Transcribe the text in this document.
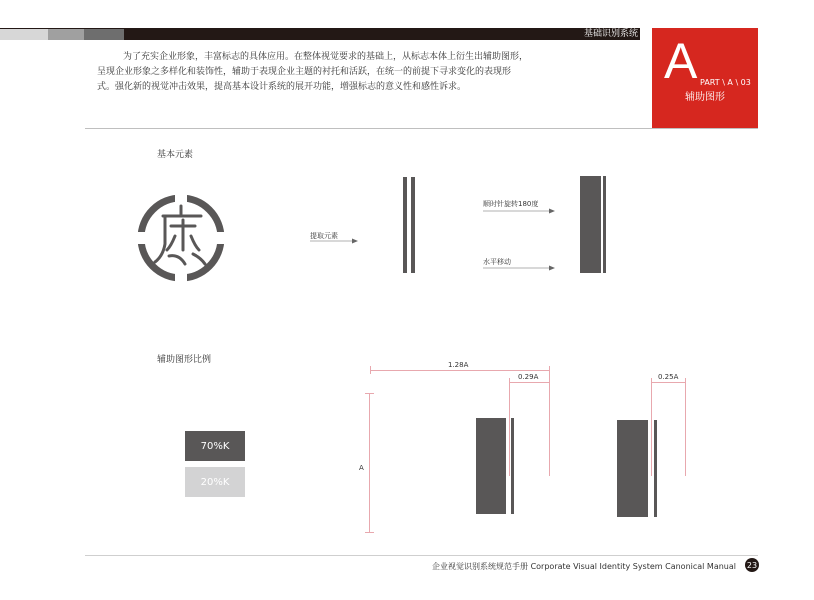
基础识别系统 A PART \ A \ 03
辅助图形

为了充实企业形象，丰富标志的具体应用。在整体视觉要求的基础上，从标志本体上衍生出辅助图形，

呈现企业形象之多样化和装饰性，辅助于表现企业主题的衬托和活跃，在统一的前提下寻求变化的表现形

式。强化新的视觉冲击效果，提高基本设计系统的展开功能，增强标志的意义性和感性诉求。

基本元素
提取元素
顺时针旋转180度
水平移动
辅助图形比例
70%K
20%K
1.28A
0.29A
A
0.25A
企业视觉识别系统规范手册 Corporate Visual Identity System Canonical Manual 23
